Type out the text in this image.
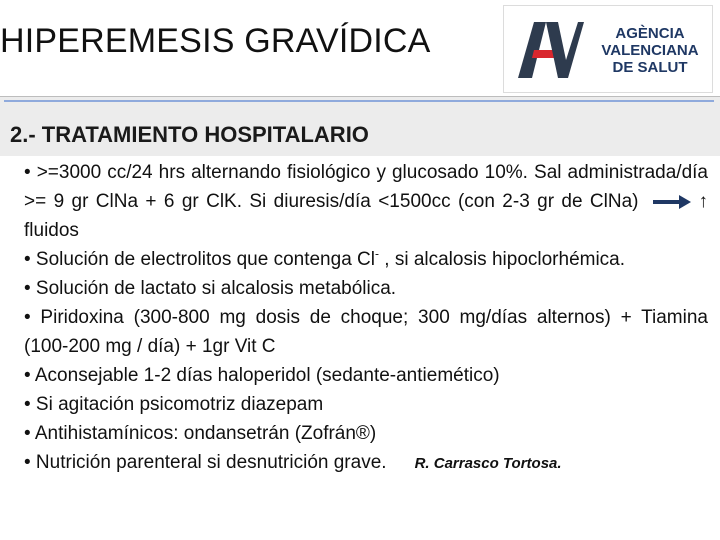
HIPEREMESIS GRAVÍDICA	AGÈNCIA
VALENCIANA
DE SALUT
2.- TRATAMIENTO HOSPITALARIO

• >=3000 cc/24 hrs alternando fisiológico y glucosado 10%. Sal administrada/día >= 9 gr ClNa + 6 gr ClK. Si diuresis/día <1500cc (con 2-3 gr de ClNa)	↑ fluidos

• Solución de electrolitos que contenga Cl- , si alcalosis hipoclorhémica.

• Solución de lactato si alcalosis metabólica.

• Piridoxina (300-800 mg dosis de choque; 300 mg/días alternos) + Tiamina (100-200 mg / día) + 1gr Vit C

• Aconsejable 1-2 días haloperidol (sedante-antiemético)

• Si agitación psicomotriz diazepam

• Antihistamínicos: ondansetrán (Zofrán®)

• Nutrición parenteral si desnutrición grave. R. Carrasco Tortosa.
